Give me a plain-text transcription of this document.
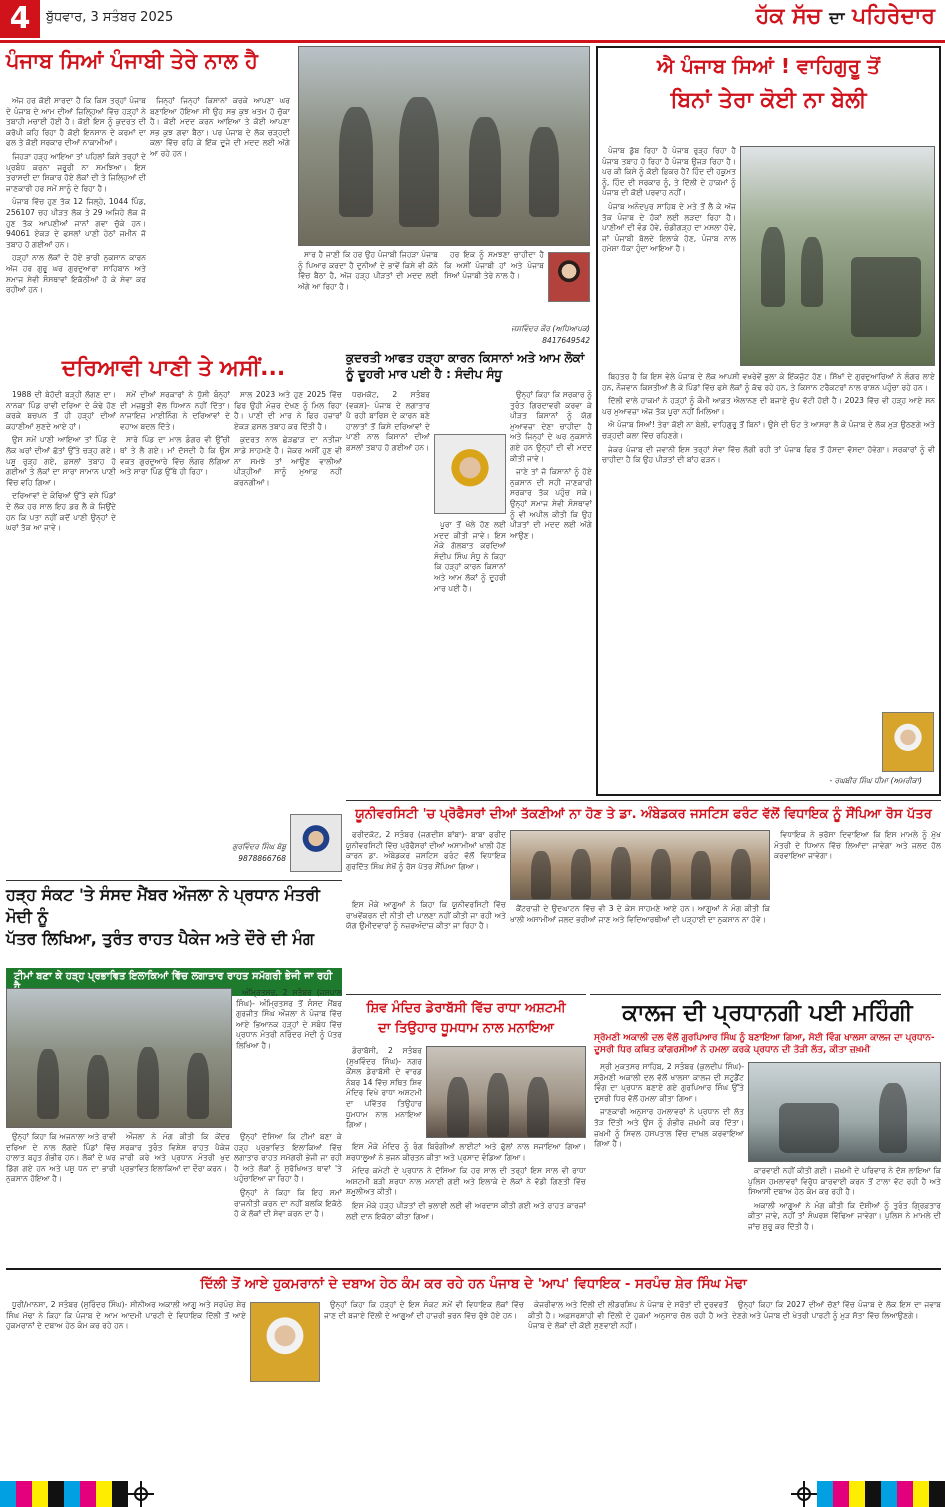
4	ਬੁੱਧਵਾਰ, 3 ਸਤੰਬਰ 2025	ਹੱਕ ਸੱਚ ਦਾ ਪਹਿਰੇਦਾਰ
ਪੰਜਾਬ ਸਿਆਂ ਪੰਜਾਬੀ ਤੇਰੇ ਨਾਲ ਹੈ

ਅੱਜ ਹਰ ਕੋਈ ਸਾਰਦਾ ਹੈ ਕਿ ਕਿਸ ਤਰ੍ਹਾਂ ਪੰਜਾਬ ਦੇ ਪੰਜਾਬ ਦੇ ਆਮ ਦੀਆਂ ਜ਼ਿਲ੍ਹਿਆਂ ਵਿੱਚ ਹੜ੍ਹਾਂ ਨੇ ਤਬਾਹੀ ਮਚਾਈ ਹੋਈ ਹੈ। ਕੋਈ ਇਸ ਨੂੰ ਕੁਦਰਤ ਦੀ ਕਰੋਪੀ ਕਹਿ ਰਿਹਾ ਹੈ ਕੋਈ ਇਨਸਾਨ ਦੇ ਕਰਮਾਂ ਦਾ ਫਲ ਤੇ ਕੋਈ ਸਰਕਾਰ ਦੀਆਂ ਨਾਕਾਮੀਆਂ।

ਜਿਹੜਾ ਹੜ੍ਹ ਆਇਆ ਤਾਂ ਪਹਿਲਾਂ ਕਿਸੇ ਤਰ੍ਹਾਂ ਦੇ ਪ੍ਰਬੰਧ ਕਰਨਾ ਜਰੂਰੀ ਨਾ ਸਮਝਿਆ। ਇਸ ਤਰਾਸਦੀ ਦਾ ਸ਼ਿਕਾਰ ਹੋਏ ਲੋਕਾਂ ਦੀ ਤੇ ਜਿਲ੍ਹਿਆਂ ਦੀ ਜਾਣਕਾਰੀ ਹਰ ਸਮੇਂ ਸਾਨੂੰ ਦੇ ਰਿਹਾ ਹੈ।

ਪੰਜਾਬ ਵਿੱਚ ਹੁਣ ਤੱਕ 12 ਜਿਲ੍ਹੇ, 1044 ਪਿੰਡ, 256107 ਚਹ ਪੀੜਤ ਲੋਕ ਤੇ 29 ਅਜਿਹੇ ਲੋਕ ਜੋ ਹੁਣ ਤੱਕ ਆਪਣੀਆਂ ਜਾਨਾਂ ਗਵਾ ਚੁੱਕੇ ਹਨ। 94061 ਏਕੜ ਦੇ ਫਸਲਾਂ ਪਾਣੀ ਹੇਠਾਂ ਜਮੀਨ ਜੋ ਤਬਾਹ ਹੋ ਗਈਆਂ ਹਨ।

ਹੜ੍ਹਾਂ ਨਾਲ ਲੋਕਾਂ ਦੇ ਹੋਏ ਭਾਰੀ ਨੁਕਸਾਨ ਕਾਰਨ ਅੱਜ ਹਰ ਗੁਰੂ ਘਰ ਗੁਰਦੁਆਰਾ ਸਾਹਿਬਾਨ ਅਤੇ ਸਮਾਜ ਸੇਵੀ ਸੰਸਥਾਵਾਂ ਇਕੱਠੀਆਂ ਹੋ ਕੇ ਸੇਵਾ ਕਰ ਰਹੀਆਂ ਹਨ।

ਜਿਨ੍ਹਾਂ ਜਿਨ੍ਹਾਂ ਕਿਸਾਨਾਂ ਕਰਕੇ ਆਪਣਾ ਘਰ ਬਣਾਇਆ ਹੋਇਆ ਸੀ ਉਹ ਸਭ ਕੁਝ ਖਤਮ ਹੋ ਚੁੱਕਾ ਹੈ। ਕੋਈ ਮਦਦ ਕਰਨ ਆਇਆ ਤੇ ਕੋਈ ਆਪਣਾ ਸਭ ਕੁਝ ਗਵਾ ਬੈਠਾ। ਪਰ ਪੰਜਾਬ ਦੇ ਲੋਕ ਚੜ੍ਹਦੀ ਕਲਾ ਵਿੱਚ ਰਹਿ ਕੇ ਇੱਕ ਦੂਜੇ ਦੀ ਮਦਦ ਲਈ ਅੱਗੇ ਆ ਰਹੇ ਹਨ।

ਸਾਰ ਹੈ ਜਾਣੀ ਕਿ ਹਰ ਉਹ ਪੰਜਾਬੀ ਜਿਹੜਾ ਪੰਜਾਬ ਨੂੰ ਪਿਆਰ ਕਰਦਾ ਹੈ ਦੁਨੀਆਂ ਦੇ ਭਾਵੇਂ ਕਿਸੇ ਵੀ ਕੋਨੇ ਵਿੱਚ ਬੈਠਾ ਹੈ, ਅੱਜ ਹੜ੍ਹ ਪੀੜਤਾਂ ਦੀ ਮਦਦ ਲਈ ਅੱਗੇ ਆ ਰਿਹਾ ਹੈ।

ਹਰ ਇਕ ਨੂੰ ਸਮਝਣਾ ਚਾਹੀਦਾ ਹੈ ਕਿ ਅਸੀਂ ਪੰਜਾਬੀ ਹਾਂ ਅਤੇ ਪੰਜਾਬ ਸਿਆਂ ਪੰਜਾਬੀ ਤੇਰੇ ਨਾਲ ਹੈ।

ਜਸਵਿੰਦਰ ਕੌਰ (ਅਧਿਆਪਕ)
8417649542
ਐ ਪੰਜਾਬ ਸਿਆਂ ! ਵਾਹਿਗੁਰੂ ਤੋਂ
ਬਿਨਾਂ ਤੇਰਾ ਕੋਈ ਨਾ ਬੇਲੀ

ਪੰਜਾਬ ਡੁੱਬ ਰਿਹਾ ਹੈ ਪੰਜਾਬ ਰੁੜ੍ਹ ਰਿਹਾ ਹੈ ਪੰਜਾਬ ਤਬਾਹ ਹੋ ਰਿਹਾ ਹੈ ਪੰਜਾਬ ਉਜੜ ਰਿਹਾ ਹੈ। ਪਰ ਕੀ ਕਿਸੇ ਨੂੰ ਕੋਈ ਫ਼ਿਕਰ ਹੈ? ਹਿੰਦ ਦੀ ਹਕੂਮਤ ਨੂੰ, ਹਿੰਦ ਦੀ ਸਰਕਾਰ ਨੂੰ, ਤੇ ਦਿੱਲੀ ਦੇ ਹਾਕਮਾਂ ਨੂੰ ਪੰਜਾਬ ਦੀ ਕੋਈ ਪਰਵਾਹ ਨਹੀਂ।

ਪੰਜਾਬ ਅਨੰਦਪੁਰ ਸਾਹਿਬ ਦੇ ਮਤੇ ਤੋਂ ਲੈ ਕੇ ਅੱਜ ਤੱਕ ਪੰਜਾਬ ਦੇ ਹੱਕਾਂ ਲਈ ਲੜਦਾ ਰਿਹਾ ਹੈ। ਪਾਣੀਆਂ ਦੀ ਵੰਡ ਹੋਵੇ, ਚੰਡੀਗੜ੍ਹ ਦਾ ਮਸਲਾ ਹੋਵੇ, ਜਾਂ ਪੰਜਾਬੀ ਬੋਲਦੇ ਇਲਾਕੇ ਹੋਣ, ਪੰਜਾਬ ਨਾਲ ਹਮੇਸ਼ਾ ਧੱਕਾ ਹੁੰਦਾ ਆਇਆ ਹੈ।

ਬਿਹਤਰ ਹੈ ਕਿ ਇਸ ਵੇਲੇ ਪੰਜਾਬ ਦੇ ਲੋਕ ਆਪਸੀ ਵਖਰੇਵੇਂ ਭੁਲਾ ਕੇ ਇੱਕਜੁੱਟ ਹੋਣ। ਸਿੱਖਾਂ ਦੇ ਗੁਰਦੁਆਰਿਆਂ ਨੇ ਲੰਗਰ ਲਾਏ ਹਨ, ਨੌਜਵਾਨ ਕਿਸ਼ਤੀਆਂ ਲੈ ਕੇ ਪਿੰਡਾਂ ਵਿੱਚ ਫਸੇ ਲੋਕਾਂ ਨੂੰ ਕੱਢ ਰਹੇ ਹਨ, ਤੇ ਕਿਸਾਨ ਟਰੈਕਟਰਾਂ ਨਾਲ ਰਾਸ਼ਨ ਪਹੁੰਚਾ ਰਹੇ ਹਨ।

ਦਿੱਲੀ ਵਾਲੇ ਹਾਕਮਾਂ ਨੇ ਹੜ੍ਹਾਂ ਨੂੰ ਕੌਮੀ ਆਫ਼ਤ ਐਲਾਨਣ ਦੀ ਬਜਾਏ ਚੁੱਪ ਵੱਟੀ ਹੋਈ ਹੈ। 2023 ਵਿੱਚ ਵੀ ਹੜ੍ਹ ਆਏ ਸਨ ਪਰ ਮੁਆਵਜ਼ਾ ਅੱਜ ਤੱਕ ਪੂਰਾ ਨਹੀਂ ਮਿਲਿਆ।

ਐ ਪੰਜਾਬ ਸਿਆਂ! ਤੇਰਾ ਕੋਈ ਨਾ ਬੇਲੀ, ਵਾਹਿਗੁਰੂ ਤੋਂ ਬਿਨਾਂ। ਉਸੇ ਦੀ ਓਟ ਤੇ ਆਸਰਾ ਲੈ ਕੇ ਪੰਜਾਬ ਦੇ ਲੋਕ ਮੁੜ ਉਠਣਗੇ ਅਤੇ ਚੜ੍ਹਦੀ ਕਲਾ ਵਿੱਚ ਰਹਿਣਗੇ।

ਜੇਕਰ ਪੰਜਾਬ ਦੀ ਜਵਾਨੀ ਇਸ ਤਰ੍ਹਾਂ ਸੇਵਾ ਵਿੱਚ ਲੱਗੀ ਰਹੀ ਤਾਂ ਪੰਜਾਬ ਫਿਰ ਤੋਂ ਹੱਸਦਾ ਵੱਸਦਾ ਹੋਵੇਗਾ। ਸਰਕਾਰਾਂ ਨੂੰ ਵੀ ਚਾਹੀਦਾ ਹੈ ਕਿ ਉਹ ਪੀੜਤਾਂ ਦੀ ਬਾਂਹ ਫੜਨ।

- ਰਘਬੀਰ ਸਿੰਘ ਧੀਮਾ (ਅਮਰੀਕਾ)
ਦਰਿਆਵੀ ਪਾਣੀ ਤੇ ਅਸੀਂ...

1988 ਦੀ ਬੇਹੱਦੀ ਬੜ੍ਹੀ ਲੱਗਣ ਦਾ। ਨਾਨਕਾ ਪਿੰਡ ਰਾਵੀ ਦਰਿਆ ਦੇ ਕੰਢੇ ਹੋਣ ਕਰਕੇ ਬਚਪਨ ਤੋਂ ਹੀ ਹੜ੍ਹਾਂ ਦੀਆਂ ਕਹਾਣੀਆਂ ਸੁਣਦੇ ਆਏ ਹਾਂ।

ਉਸ ਸਮੇਂ ਪਾਣੀ ਆਇਆ ਤਾਂ ਪਿੰਡ ਦੇ ਲੋਕ ਘਰਾਂ ਦੀਆਂ ਛੱਤਾਂ ਉੱਤੇ ਚੜ੍ਹ ਗਏ। ਪਸ਼ੂ ਰੁੜ੍ਹ ਗਏ, ਫ਼ਸਲਾਂ ਤਬਾਹ ਹੋ ਗਈਆਂ ਤੇ ਲੋਕਾਂ ਦਾ ਸਾਰਾ ਸਾਮਾਨ ਪਾਣੀ ਵਿੱਚ ਵਹਿ ਗਿਆ।

ਦਰਿਆਵਾਂ ਦੇ ਕੰਢਿਆਂ ਉੱਤੇ ਵਸੇ ਪਿੰਡਾਂ ਦੇ ਲੋਕ ਹਰ ਸਾਲ ਇਹ ਡਰ ਲੈ ਕੇ ਜਿਉਂਦੇ ਹਨ ਕਿ ਪਤਾ ਨਹੀਂ ਕਦੋਂ ਪਾਣੀ ਉਨ੍ਹਾਂ ਦੇ ਘਰਾਂ ਤੱਕ ਆ ਜਾਵੇ।

ਸਮੇਂ ਦੀਆਂ ਸਰਕਾਰਾਂ ਨੇ ਧੁੱਸੀ ਬੰਨ੍ਹਾਂ ਦੀ ਮਜ਼ਬੂਤੀ ਵੱਲ ਧਿਆਨ ਨਹੀਂ ਦਿੱਤਾ। ਨਾਜਾਇਜ਼ ਮਾਈਨਿੰਗ ਨੇ ਦਰਿਆਵਾਂ ਦੇ ਵਹਾਅ ਬਦਲ ਦਿੱਤੇ।

ਸਾਰੇ ਪਿੰਡ ਦਾ ਮਾਲ ਡੰਗਰ ਵੀ ਉੱਚੀ ਥਾਂ ਤੇ ਲੈ ਗਏ। ਮਾਂ ਦੱਸਦੀ ਹੈ ਕਿ ਉਸ ਵਕਤ ਗੁਰਦੁਆਰੇ ਵਿੱਚ ਲੰਗਰ ਲੱਗਿਆ ਅਤੇ ਸਾਰਾ ਪਿੰਡ ਉੱਥੇ ਹੀ ਰਿਹਾ।

ਸਾਲ 2023 ਅਤੇ ਹੁਣ 2025 ਵਿੱਚ ਫਿਰ ਉਹੀ ਮੰਜ਼ਰ ਦੇਖਣ ਨੂੰ ਮਿਲ ਰਿਹਾ ਹੈ। ਪਾਣੀ ਦੀ ਮਾਰ ਨੇ ਫਿਰ ਹਜ਼ਾਰਾਂ ਏਕੜ ਫ਼ਸਲ ਤਬਾਹ ਕਰ ਦਿੱਤੀ ਹੈ।

ਕੁਦਰਤ ਨਾਲ ਛੇੜਛਾੜ ਦਾ ਨਤੀਜਾ ਸਾਡੇ ਸਾਹਮਣੇ ਹੈ। ਜੇਕਰ ਅਸੀਂ ਹੁਣ ਵੀ ਨਾ ਸਮਝੇ ਤਾਂ ਆਉਣ ਵਾਲੀਆਂ ਪੀੜ੍ਹੀਆਂ ਸਾਨੂੰ ਮੁਆਫ਼ ਨਹੀਂ ਕਰਨਗੀਆਂ।

ਗੁਰਵਿੰਦਰ ਸਿੰਘ ਬੱਬੂ
9878866768
ਕੁਦਰਤੀ ਆਫਤ ਹੜ੍ਹਾ ਕਾਰਨ ਕਿਸਾਨਾਂ ਅਤੇ ਆਮ ਲੋਕਾਂ ਨੂੰ ਦੂਹਰੀ ਮਾਰ ਪਈ ਹੈ : ਸੰਦੀਪ ਸੰਧੂ

ਧਰਮਕੋਟ, 2 ਸਤੰਬਰ (ਵਕਸ਼)- ਪੰਜਾਬ ਦੇ ਲਗਾਤਾਰ ਪੈ ਰਹੀ ਬਾਰਿਸ਼ ਦੇ ਕਾਰਨ ਬਣੇ ਹਾਲਾਤਾਂ ਤੋਂ ਕਿਸੇ ਦਰਿਆਵਾਂ ਦੇ ਪਾਣੀ ਨਾਲ ਕਿਸਾਨਾਂ ਦੀਆਂ ਫ਼ਸਲਾਂ ਤਬਾਹ ਹੋ ਗਈਆਂ ਹਨ।

ਪੂਰਾ ਤੋਂ ਖੱਲੇ ਹੋਣ ਲਈ ਮਦਦ ਕੀਤੀ ਜਾਵੇ। ਇਸ ਮੌਕੇ ਗੱਲਬਾਤ ਕਰਦਿਆਂ ਸੰਦੀਪ ਸਿੰਘ ਸੰਧੂ ਨੇ ਕਿਹਾ ਕਿ ਹੜ੍ਹਾਂ ਕਾਰਨ ਕਿਸਾਨਾਂ ਅਤੇ ਆਮ ਲੋਕਾਂ ਨੂੰ ਦੂਹਰੀ ਮਾਰ ਪਈ ਹੈ।

ਉਨ੍ਹਾਂ ਕਿਹਾ ਕਿ ਸਰਕਾਰ ਨੂੰ ਤੁਰੰਤ ਗਿਰਦਾਵਰੀ ਕਰਵਾ ਕੇ ਪੀੜਤ ਕਿਸਾਨਾਂ ਨੂੰ ਯੋਗ ਮੁਆਵਜ਼ਾ ਦੇਣਾ ਚਾਹੀਦਾ ਹੈ ਅਤੇ ਜਿਨ੍ਹਾਂ ਦੇ ਘਰ ਨੁਕਸਾਨੇ ਗਏ ਹਨ ਉਨ੍ਹਾਂ ਦੀ ਵੀ ਮਦਦ ਕੀਤੀ ਜਾਵੇ।

ਜਾਣੇ ਤਾਂ ਜੋ ਕਿਸਾਨਾਂ ਨੂੰ ਹੋਏ ਨੁਕਸਾਨ ਦੀ ਸਹੀ ਜਾਣਕਾਰੀ ਸਰਕਾਰ ਤੱਕ ਪਹੁੰਚ ਸਕੇ। ਉਨ੍ਹਾਂ ਸਮਾਜ ਸੇਵੀ ਸੰਸਥਾਵਾਂ ਨੂੰ ਵੀ ਅਪੀਲ ਕੀਤੀ ਕਿ ਉਹ ਪੀੜਤਾਂ ਦੀ ਮਦਦ ਲਈ ਅੱਗੇ ਆਉਣ।

ਯੂਨੀਵਰਸਿਟੀ 'ਚ ਪ੍ਰੋਫੈਸਰਾਂ ਦੀਆਂ ਤੱਕਣੀਆਂ ਨਾ ਹੋਣ ਤੇ ਡਾ. ਅੰਬੇਡਕਰ ਜਸਟਿਸ ਫਰੰਟ ਵੱਲੋਂ ਵਿਧਾਇਕ ਨੂੰ ਸੌਂਪਿਆ ਰੋਸ ਪੱਤਰ

ਫਰੀਦਕੋਟ, 2 ਸਤੰਬਰ (ਜਗਦੀਸ਼ ਬਾਂਬਾ)- ਬਾਬਾ ਫਰੀਦ ਯੂਨੀਵਰਸਿਟੀ ਵਿੱਚ ਪ੍ਰੋਫੈਸਰਾਂ ਦੀਆਂ ਅਸਾਮੀਆਂ ਖਾਲੀ ਹੋਣ ਕਾਰਨ ਡਾ. ਅੰਬੇਡਕਰ ਜਸਟਿਸ ਫਰੰਟ ਵੱਲੋਂ ਵਿਧਾਇਕ ਗੁਰਦਿੱਤ ਸਿੰਘ ਸੇਖੋਂ ਨੂੰ ਰੋਸ ਪੱਤਰ ਸੌਂਪਿਆ ਗਿਆ।

ਵਿਧਾਇਕ ਨੇ ਭਰੋਸਾ ਦਿਵਾਇਆ ਕਿ ਇਸ ਮਾਮਲੇ ਨੂੰ ਮੁੱਖ ਮੰਤਰੀ ਦੇ ਧਿਆਨ ਵਿੱਚ ਲਿਆਂਦਾ ਜਾਵੇਗਾ ਅਤੇ ਜਲਦ ਹੱਲ ਕਰਵਾਇਆ ਜਾਵੇਗਾ।

ਇਸ ਮੌਕੇ ਆਗੂਆਂ ਨੇ ਕਿਹਾ ਕਿ ਯੂਨੀਵਰਸਿਟੀ ਵਿੱਚ ਰਾਖਵੇਂਕਰਨ ਦੀ ਨੀਤੀ ਦੀ ਪਾਲਣਾ ਨਹੀਂ ਕੀਤੀ ਜਾ ਰਹੀ ਅਤੇ ਯੋਗ ਉਮੀਦਵਾਰਾਂ ਨੂੰ ਨਜ਼ਰਅੰਦਾਜ਼ ਕੀਤਾ ਜਾ ਰਿਹਾ ਹੈ।

ਕੈਂਟਰਾਜ਼ੀ ਦੇ ਉਦਘਾਟਨ ਵਿੱਚ ਵੀ 3 ਦੇ ਕੇਸ ਸਾਹਮਣੇ ਆਏ ਹਨ। ਆਗੂਆਂ ਨੇ ਮੰਗ ਕੀਤੀ ਕਿ ਖਾਲੀ ਅਸਾਮੀਆਂ ਜਲਦ ਭਰੀਆਂ ਜਾਣ ਅਤੇ ਵਿਦਿਆਰਥੀਆਂ ਦੀ ਪੜ੍ਹਾਈ ਦਾ ਨੁਕਸਾਨ ਨਾ ਹੋਵੇ।

ਹੜ੍ਹ ਸੰਕਟ 'ਤੇ ਸੰਸਦ ਮੈਂਬਰ ਔਜਲਾ ਨੇ ਪ੍ਰਧਾਨ ਮੰਤਰੀ ਮੋਦੀ ਨੂੰ
ਪੱਤਰ ਲਿਖਿਆ, ਤੁਰੰਤ ਰਾਹਤ ਪੈਕੇਜ ਅਤੇ ਦੌਰੇ ਦੀ ਮੰਗ
ਟੀਮਾਂ ਬਣਾ ਕੇ ਹੜ੍ਹ ਪ੍ਰਭਾਵਿਤ ਇਲਾਕਿਆਂ ਵਿੱਚ ਲਗਾਤਾਰ ਰਾਹਤ ਸਮੱਗਰੀ ਭੇਜੀ ਜਾ ਰਹੀ

ਅੰਮ੍ਰਿਤਸਰ, 2 ਸਤੰਬਰ (ਜਸਪਾਲ ਸਿੰਘ)- ਅੰਮ੍ਰਿਤਸਰ ਤੋਂ ਸੰਸਦ ਮੈਂਬਰ ਗੁਰਜੀਤ ਸਿੰਘ ਔਜਲਾ ਨੇ ਪੰਜਾਬ ਵਿੱਚ ਆਏ ਭਿਆਨਕ ਹੜ੍ਹਾਂ ਦੇ ਸਬੰਧ ਵਿੱਚ ਪ੍ਰਧਾਨ ਮੰਤਰੀ ਨਰਿੰਦਰ ਮੋਦੀ ਨੂੰ ਪੱਤਰ ਲਿਖਿਆ ਹੈ।

ਉਨ੍ਹਾਂ ਕਿਹਾ ਕਿ ਅਜਨਾਲਾ ਅਤੇ ਰਾਵੀ ਦਰਿਆ ਦੇ ਨਾਲ ਲੱਗਦੇ ਪਿੰਡਾਂ ਵਿੱਚ ਹਾਲਾਤ ਬਹੁਤ ਗੰਭੀਰ ਹਨ। ਲੋਕਾਂ ਦੇ ਘਰ ਡਿੱਗ ਗਏ ਹਨ ਅਤੇ ਪਸ਼ੂ ਧਨ ਦਾ ਭਾਰੀ ਨੁਕਸਾਨ ਹੋਇਆ ਹੈ।

ਔਜਲਾ ਨੇ ਮੰਗ ਕੀਤੀ ਕਿ ਕੇਂਦਰ ਸਰਕਾਰ ਤੁਰੰਤ ਵਿਸ਼ੇਸ਼ ਰਾਹਤ ਪੈਕੇਜ ਜਾਰੀ ਕਰੇ ਅਤੇ ਪ੍ਰਧਾਨ ਮੰਤਰੀ ਖੁਦ ਪ੍ਰਭਾਵਿਤ ਇਲਾਕਿਆਂ ਦਾ ਦੌਰਾ ਕਰਨ।

ਉਨ੍ਹਾਂ ਦੱਸਿਆ ਕਿ ਟੀਮਾਂ ਬਣਾ ਕੇ ਹੜ੍ਹ ਪ੍ਰਭਾਵਿਤ ਇਲਾਕਿਆਂ ਵਿੱਚ ਲਗਾਤਾਰ ਰਾਹਤ ਸਮੱਗਰੀ ਭੇਜੀ ਜਾ ਰਹੀ ਹੈ ਅਤੇ ਲੋਕਾਂ ਨੂੰ ਸੁਰੱਖਿਅਤ ਥਾਵਾਂ 'ਤੇ ਪਹੁੰਚਾਇਆ ਜਾ ਰਿਹਾ ਹੈ।

ਉਨ੍ਹਾਂ ਨੇ ਕਿਹਾ ਕਿ ਇਹ ਸਮਾਂ ਰਾਜਨੀਤੀ ਕਰਨ ਦਾ ਨਹੀਂ ਬਲਕਿ ਇਕੱਠੇ ਹੋ ਕੇ ਲੋਕਾਂ ਦੀ ਸੇਵਾ ਕਰਨ ਦਾ ਹੈ।

ਸ਼ਿਵ ਮੰਦਿਰ ਡੇਰਾਬੱਸੀ ਵਿੱਚ ਰਾਧਾ ਅਸ਼ਟਮੀ
ਦਾ ਤਿਉਹਾਰ ਧੂਮਧਾਮ ਨਾਲ ਮਨਾਇਆ

ਡੇਰਾਬੱਸੀ, 2 ਸਤੰਬਰ (ਸੁਖਵਿੰਦਰ ਸਿੰਘ)- ਨਗਰ ਕੌਂਸਲ ਡੇਰਾਬੱਸੀ ਦੇ ਵਾਰਡ ਨੰਬਰ 14 ਵਿੱਚ ਸਥਿਤ ਸ਼ਿਵ ਮੰਦਿਰ ਵਿਖੇ ਰਾਧਾ ਅਸ਼ਟਮੀ ਦਾ ਪਵਿੱਤਰ ਤਿਉਹਾਰ ਧੂਮਧਾਮ ਨਾਲ ਮਨਾਇਆ ਗਿਆ।

ਇਸ ਮੌਕੇ ਮੰਦਿਰ ਨੂੰ ਰੰਗ ਬਿਰੰਗੀਆਂ ਲਾਈਟਾਂ ਅਤੇ ਫੁੱਲਾਂ ਨਾਲ ਸਜਾਇਆ ਗਿਆ। ਸ਼ਰਧਾਲੂਆਂ ਨੇ ਭਜਨ ਕੀਰਤਨ ਕੀਤਾ ਅਤੇ ਪ੍ਰਸਾਦ ਵੰਡਿਆ ਗਿਆ।

ਮੰਦਿਰ ਕਮੇਟੀ ਦੇ ਪ੍ਰਧਾਨ ਨੇ ਦੱਸਿਆ ਕਿ ਹਰ ਸਾਲ ਦੀ ਤਰ੍ਹਾਂ ਇਸ ਸਾਲ ਵੀ ਰਾਧਾ ਅਸ਼ਟਮੀ ਬੜੀ ਸ਼ਰਧਾ ਨਾਲ ਮਨਾਈ ਗਈ ਅਤੇ ਇਲਾਕੇ ਦੇ ਲੋਕਾਂ ਨੇ ਵੱਡੀ ਗਿਣਤੀ ਵਿੱਚ ਸ਼ਮੂਲੀਅਤ ਕੀਤੀ।

ਇਸ ਮੌਕੇ ਹੜ੍ਹ ਪੀੜਤਾਂ ਦੀ ਭਲਾਈ ਲਈ ਵੀ ਅਰਦਾਸ ਕੀਤੀ ਗਈ ਅਤੇ ਰਾਹਤ ਕਾਰਜਾਂ ਲਈ ਦਾਨ ਇਕੱਠਾ ਕੀਤਾ ਗਿਆ।

ਕਾਲਜ ਦੀ ਪ੍ਰਧਾਨਗੀ ਪਈ ਮਹਿੰਗੀ
ਸ੍ਰੋਮਣੀ ਅਕਾਲੀ ਦਲ ਵੱਲੋਂ ਗੁਰਪਿਆਰ ਸਿੰਘ ਨੂੰ ਬਣਾਇਆ ਗਿਆ, ਸੋਈ ਵਿੰਗ ਖਾਲਸਾ ਕਾਲਜ ਦਾ ਪ੍ਰਧਾਨ-ਦੂਸਰੀ ਧਿਰ ਕਥਿਤ ਕਾਂਗਰਸੀਆਂ ਨੇ ਹਮਲਾ ਕਰਕੇ ਪ੍ਰਧਾਨ ਦੀ ਤੋੜੀ ਲੱਤ, ਕੀਤਾ ਜ਼ਖ਼ਮੀ

ਸ੍ਰੀ ਮੁਕਤਸਰ ਸਾਹਿਬ, 2 ਸਤੰਬਰ (ਕੁਲਦੀਪ ਸਿੰਘ)- ਸ੍ਰੋਮਣੀ ਅਕਾਲੀ ਦਲ ਵੱਲੋਂ ਖਾਲਸਾ ਕਾਲਜ ਦੀ ਸਟੂਡੈਂਟ ਵਿੰਗ ਦਾ ਪ੍ਰਧਾਨ ਬਣਾਏ ਗਏ ਗੁਰਪਿਆਰ ਸਿੰਘ ਉੱਤੇ ਦੂਸਰੀ ਧਿਰ ਵੱਲੋਂ ਹਮਲਾ ਕੀਤਾ ਗਿਆ।

ਜਾਣਕਾਰੀ ਅਨੁਸਾਰ ਹਮਲਾਵਰਾਂ ਨੇ ਪ੍ਰਧਾਨ ਦੀ ਲੱਤ ਤੋੜ ਦਿੱਤੀ ਅਤੇ ਉਸ ਨੂੰ ਗੰਭੀਰ ਜ਼ਖ਼ਮੀ ਕਰ ਦਿੱਤਾ। ਜ਼ਖ਼ਮੀ ਨੂੰ ਸਿਵਲ ਹਸਪਤਾਲ ਵਿੱਚ ਦਾਖ਼ਲ ਕਰਵਾਇਆ ਗਿਆ ਹੈ।

ਕਾਰਵਾਈ ਨਹੀਂ ਕੀਤੀ ਗਈ। ਜ਼ਖ਼ਮੀ ਦੇ ਪਰਿਵਾਰ ਨੇ ਦੋਸ਼ ਲਾਇਆ ਕਿ ਪੁਲਿਸ ਹਮਲਾਵਰਾਂ ਵਿਰੁੱਧ ਕਾਰਵਾਈ ਕਰਨ ਤੋਂ ਟਾਲਾ ਵੱਟ ਰਹੀ ਹੈ ਅਤੇ ਸਿਆਸੀ ਦਬਾਅ ਹੇਠ ਕੰਮ ਕਰ ਰਹੀ ਹੈ।

ਅਕਾਲੀ ਆਗੂਆਂ ਨੇ ਮੰਗ ਕੀਤੀ ਕਿ ਦੋਸ਼ੀਆਂ ਨੂੰ ਤੁਰੰਤ ਗ੍ਰਿਫ਼ਤਾਰ ਕੀਤਾ ਜਾਵੇ, ਨਹੀਂ ਤਾਂ ਸੰਘਰਸ਼ ਵਿੱਢਿਆ ਜਾਵੇਗਾ। ਪੁਲਿਸ ਨੇ ਮਾਮਲੇ ਦੀ ਜਾਂਚ ਸ਼ੁਰੂ ਕਰ ਦਿੱਤੀ ਹੈ।

ਦਿੱਲੀ ਤੋਂ ਆਏ ਹੁਕਮਰਾਨਾਂ ਦੇ ਦਬਾਅ ਹੇਠ ਕੰਮ ਕਰ ਰਹੇ ਹਨ ਪੰਜਾਬ ਦੇ 'ਆਪ' ਵਿਧਾਇਕ - ਸਰਪੰਚ ਸ਼ੇਰ ਸਿੰਘ ਮੋਢਾ

ਧੂਰੀ/ਮਾਨਸਾ, 2 ਸਤੰਬਰ (ਸੁਰਿੰਦਰ ਸਿੰਘ)- ਸੀਨੀਅਰ ਅਕਾਲੀ ਆਗੂ ਅਤੇ ਸਰਪੰਚ ਸ਼ੇਰ ਸਿੰਘ ਮੋਢਾ ਨੇ ਕਿਹਾ ਕਿ ਪੰਜਾਬ ਦੇ ਆਮ ਆਦਮੀ ਪਾਰਟੀ ਦੇ ਵਿਧਾਇਕ ਦਿੱਲੀ ਤੋਂ ਆਏ ਹੁਕਮਰਾਨਾਂ ਦੇ ਦਬਾਅ ਹੇਠ ਕੰਮ ਕਰ ਰਹੇ ਹਨ।

ਉਨ੍ਹਾਂ ਕਿਹਾ ਕਿ ਹੜ੍ਹਾਂ ਦੇ ਇਸ ਸੰਕਟ ਸਮੇਂ ਵੀ ਵਿਧਾਇਕ ਲੋਕਾਂ ਵਿੱਚ ਜਾਣ ਦੀ ਬਜਾਏ ਦਿੱਲੀ ਦੇ ਆਗੂਆਂ ਦੀ ਹਾਜ਼ਰੀ ਭਰਨ ਵਿੱਚ ਰੁੱਝੇ ਹੋਏ ਹਨ।

ਕੇਜਰੀਵਾਲ ਅਤੇ ਦਿੱਲੀ ਦੀ ਲੀਡਰਸ਼ਿਪ ਨੇ ਪੰਜਾਬ ਦੇ ਸਰੋਤਾਂ ਦੀ ਦੁਰਵਰਤੋਂ ਕੀਤੀ ਹੈ। ਅਫ਼ਸਰਸ਼ਾਹੀ ਵੀ ਦਿੱਲੀ ਦੇ ਹੁਕਮਾਂ ਅਨੁਸਾਰ ਚੱਲ ਰਹੀ ਹੈ ਅਤੇ ਪੰਜਾਬ ਦੇ ਲੋਕਾਂ ਦੀ ਕੋਈ ਸੁਣਵਾਈ ਨਹੀਂ।

ਉਨ੍ਹਾਂ ਕਿਹਾ ਕਿ 2027 ਦੀਆਂ ਚੋਣਾਂ ਵਿੱਚ ਪੰਜਾਬ ਦੇ ਲੋਕ ਇਸ ਦਾ ਜਵਾਬ ਦੇਣਗੇ ਅਤੇ ਪੰਜਾਬ ਦੀ ਖੇਤਰੀ ਪਾਰਟੀ ਨੂੰ ਮੁੜ ਸੱਤਾ ਵਿੱਚ ਲਿਆਉਣਗੇ।
